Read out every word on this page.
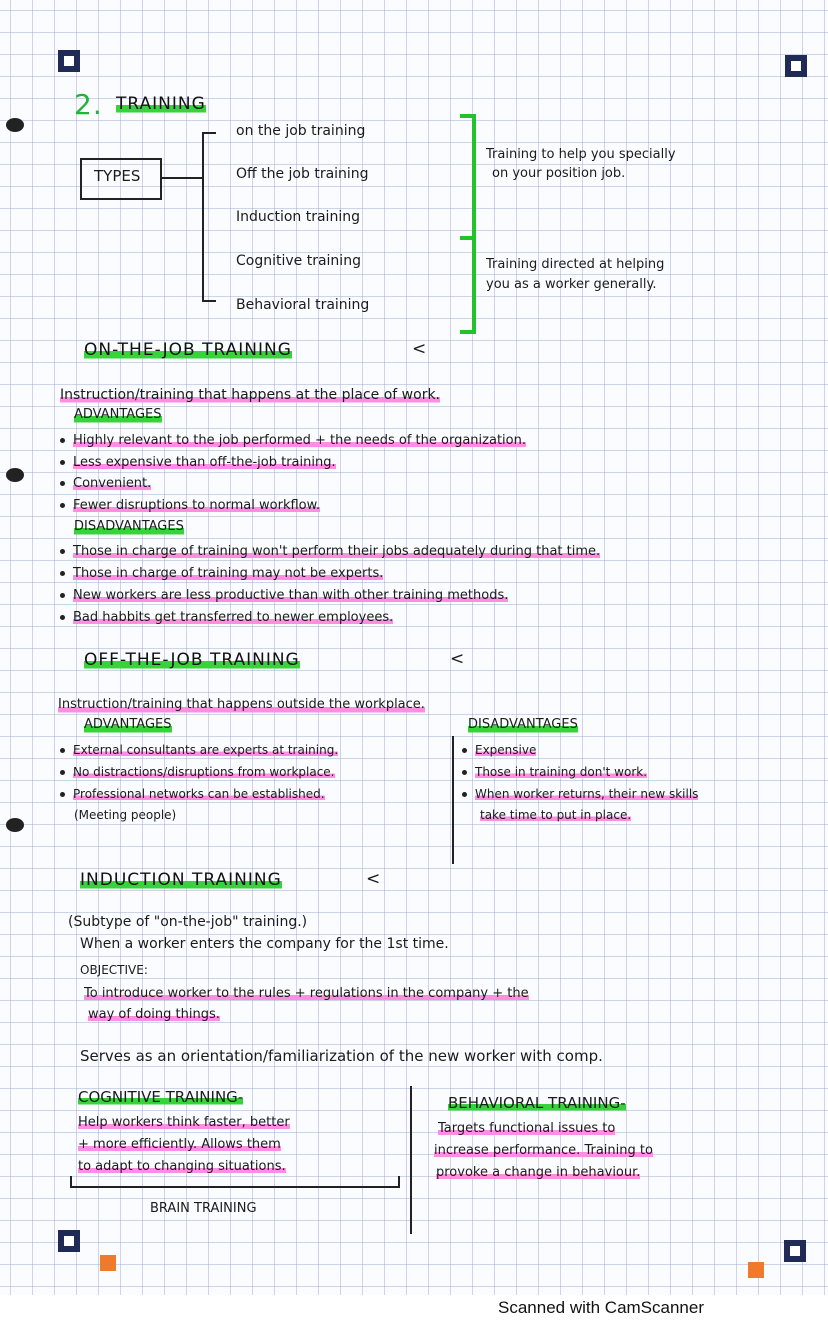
2. TRAINING
TYPES
on the job training
Off the job training
Induction training
Cognitive training
Behavioral training
Training to help you specially
on your position job.
Training directed at helping
you as a worker generally.
ON-THE-JOB TRAINING	<
Instruction/training that happens at the place of work.
ADVANTAGES
Highly relevant to the job performed + the needs of the organization.
Less expensive than off-the-job training.
Convenient.
Fewer disruptions to normal workflow.
DISADVANTAGES
Those in charge of training won't perform their jobs adequately during that time.
Those in charge of training may not be experts.
New workers are less productive than with other training methods.
Bad habbits get transferred to newer employees.
OFF-THE-JOB TRAINING	<
Instruction/training that happens outside the workplace.
ADVANTAGES	DISADVANTAGES
External consultants are experts at training.
No distractions/disruptions from workplace.
Professional networks can be established.
(Meeting people)
Expensive
Those in training don't work.
When worker returns, their new skills
take time to put in place.
INDUCTION TRAINING	<
(Subtype of "on-the-job" training.)
When a worker enters the company for the 1st time.
OBJECTIVE:
To introduce worker to the rules + regulations in the company + the
way of doing things.
Serves as an orientation/familiarization of the new worker with comp.
COGNITIVE TRAINING-
Help workers think faster, better
+ more efficiently. Allows them
to adapt to changing situations.
BRAIN TRAINING
BEHAVIORAL TRAINING-
Targets functional issues to
increase performance. Training to
provoke a change in behaviour.
Scanned with CamScanner
